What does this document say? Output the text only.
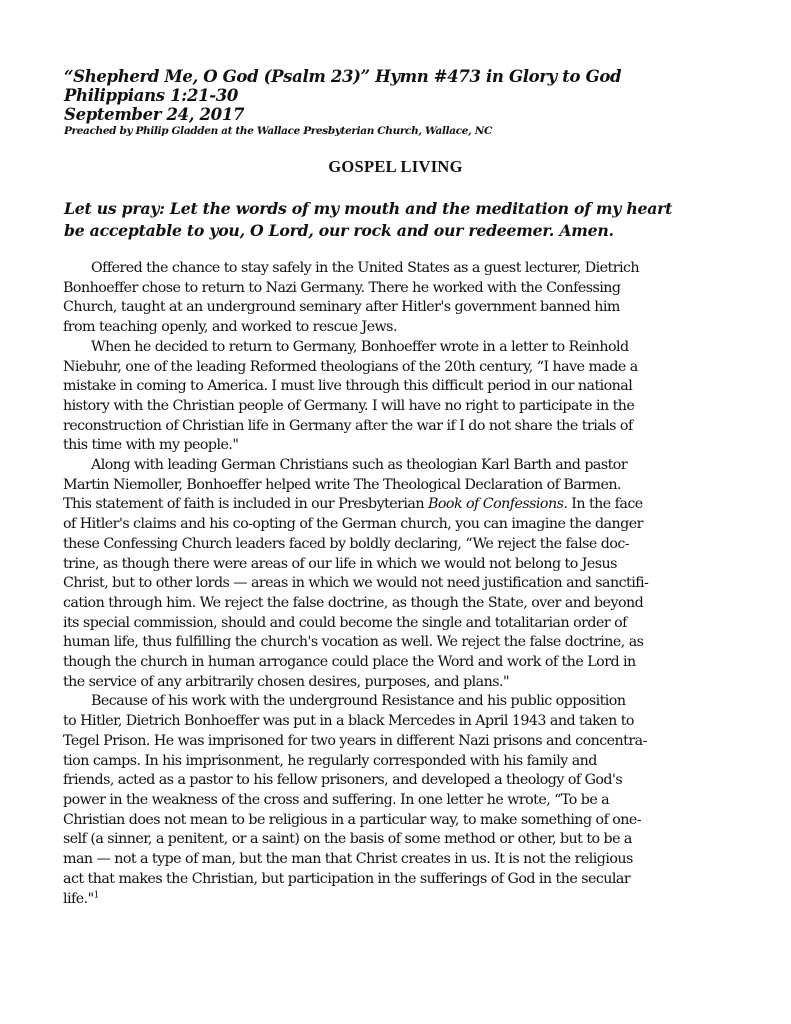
“Shepherd Me, O God (Psalm 23)” Hymn #473 in Glory to God
Philippians 1:21-30
September 24, 2017
Preached by Philip Gladden at the Wallace Presbyterian Church, Wallace, NC
GOSPEL LIVING
Let us pray: Let the words of my mouth and the meditation of my heart
be acceptable to you, O Lord, our rock and our redeemer. Amen.
Offered the chance to stay safely in the United States as a guest lecturer, Dietrich
Bonhoeffer chose to return to Nazi Germany. There he worked with the Confessing
Church, taught at an underground seminary after Hitler's government banned him
from teaching openly, and worked to rescue Jews.
When he decided to return to Germany, Bonhoeffer wrote in a letter to Reinhold
Niebuhr, one of the leading Reformed theologians of the 20th century, “I have made a
mistake in coming to America. I must live through this difficult period in our national
history with the Christian people of Germany. I will have no right to participate in the
reconstruction of Christian life in Germany after the war if I do not share the trials of
this time with my people."
Along with leading German Christians such as theologian Karl Barth and pastor
Martin Niemoller, Bonhoeffer helped write The Theological Declaration of Barmen.
This statement of faith is included in our Presbyterian Book of Confessions. In the face
of Hitler's claims and his co-opting of the German church, you can imagine the danger
these Confessing Church leaders faced by boldly declaring, “We reject the false doc-
trine, as though there were areas of our life in which we would not belong to Jesus
Christ, but to other lords — areas in which we would not need justification and sanctifi-
cation through him. We reject the false doctrine, as though the State, over and beyond
its special commission, should and could become the single and totalitarian order of
human life, thus fulfilling the church's vocation as well. We reject the false doctrine, as
though the church in human arrogance could place the Word and work of the Lord in
the service of any arbitrarily chosen desires, purposes, and plans."
Because of his work with the underground Resistance and his public opposition
to Hitler, Dietrich Bonhoeffer was put in a black Mercedes in April 1943 and taken to
Tegel Prison. He was imprisoned for two years in different Nazi prisons and concentra-
tion camps. In his imprisonment, he regularly corresponded with his family and
friends, acted as a pastor to his fellow prisoners, and developed a theology of God's
power in the weakness of the cross and suffering. In one letter he wrote, “To be a
Christian does not mean to be religious in a particular way, to make something of one-
self (a sinner, a penitent, or a saint) on the basis of some method or other, but to be a
man — not a type of man, but the man that Christ creates in us. It is not the religious
act that makes the Christian, but participation in the sufferings of God in the secular
life."$^1$
